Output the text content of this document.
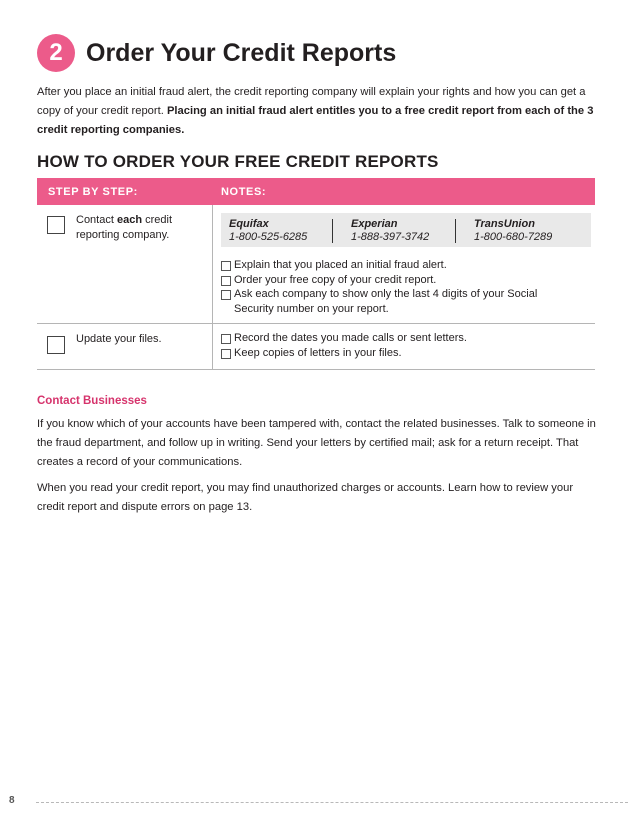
2 Order Your Credit Reports
After you place an initial fraud alert, the credit reporting company will explain your rights and how you can get a copy of your credit report. Placing an initial fraud alert entitles you to a free credit report from each of the 3 credit reporting companies.
HOW TO ORDER YOUR FREE CREDIT REPORTS
STEP BY STEP:	NOTES:
Contact each credit reporting company.
Equifax
1-800-525-6285
Experian
1-888-397-3742
TransUnion
1-800-680-7289
Explain that you placed an initial fraud alert.
Order your free copy of your credit report.
Ask each company to show only the last 4 digits of your Social Security number on your report.
Update your files.	Record the dates you made calls or sent letters.
Keep copies of letters in your files.
Contact Businesses
If you know which of your accounts have been tampered with, contact the related businesses. Talk to someone in the fraud department, and follow up in writing. Send your letters by certified mail; ask for a return receipt. That creates a record of your communications.
When you read your credit report, you may find unauthorized charges or accounts. Learn how to review your credit report and dispute errors on page 13.
8
